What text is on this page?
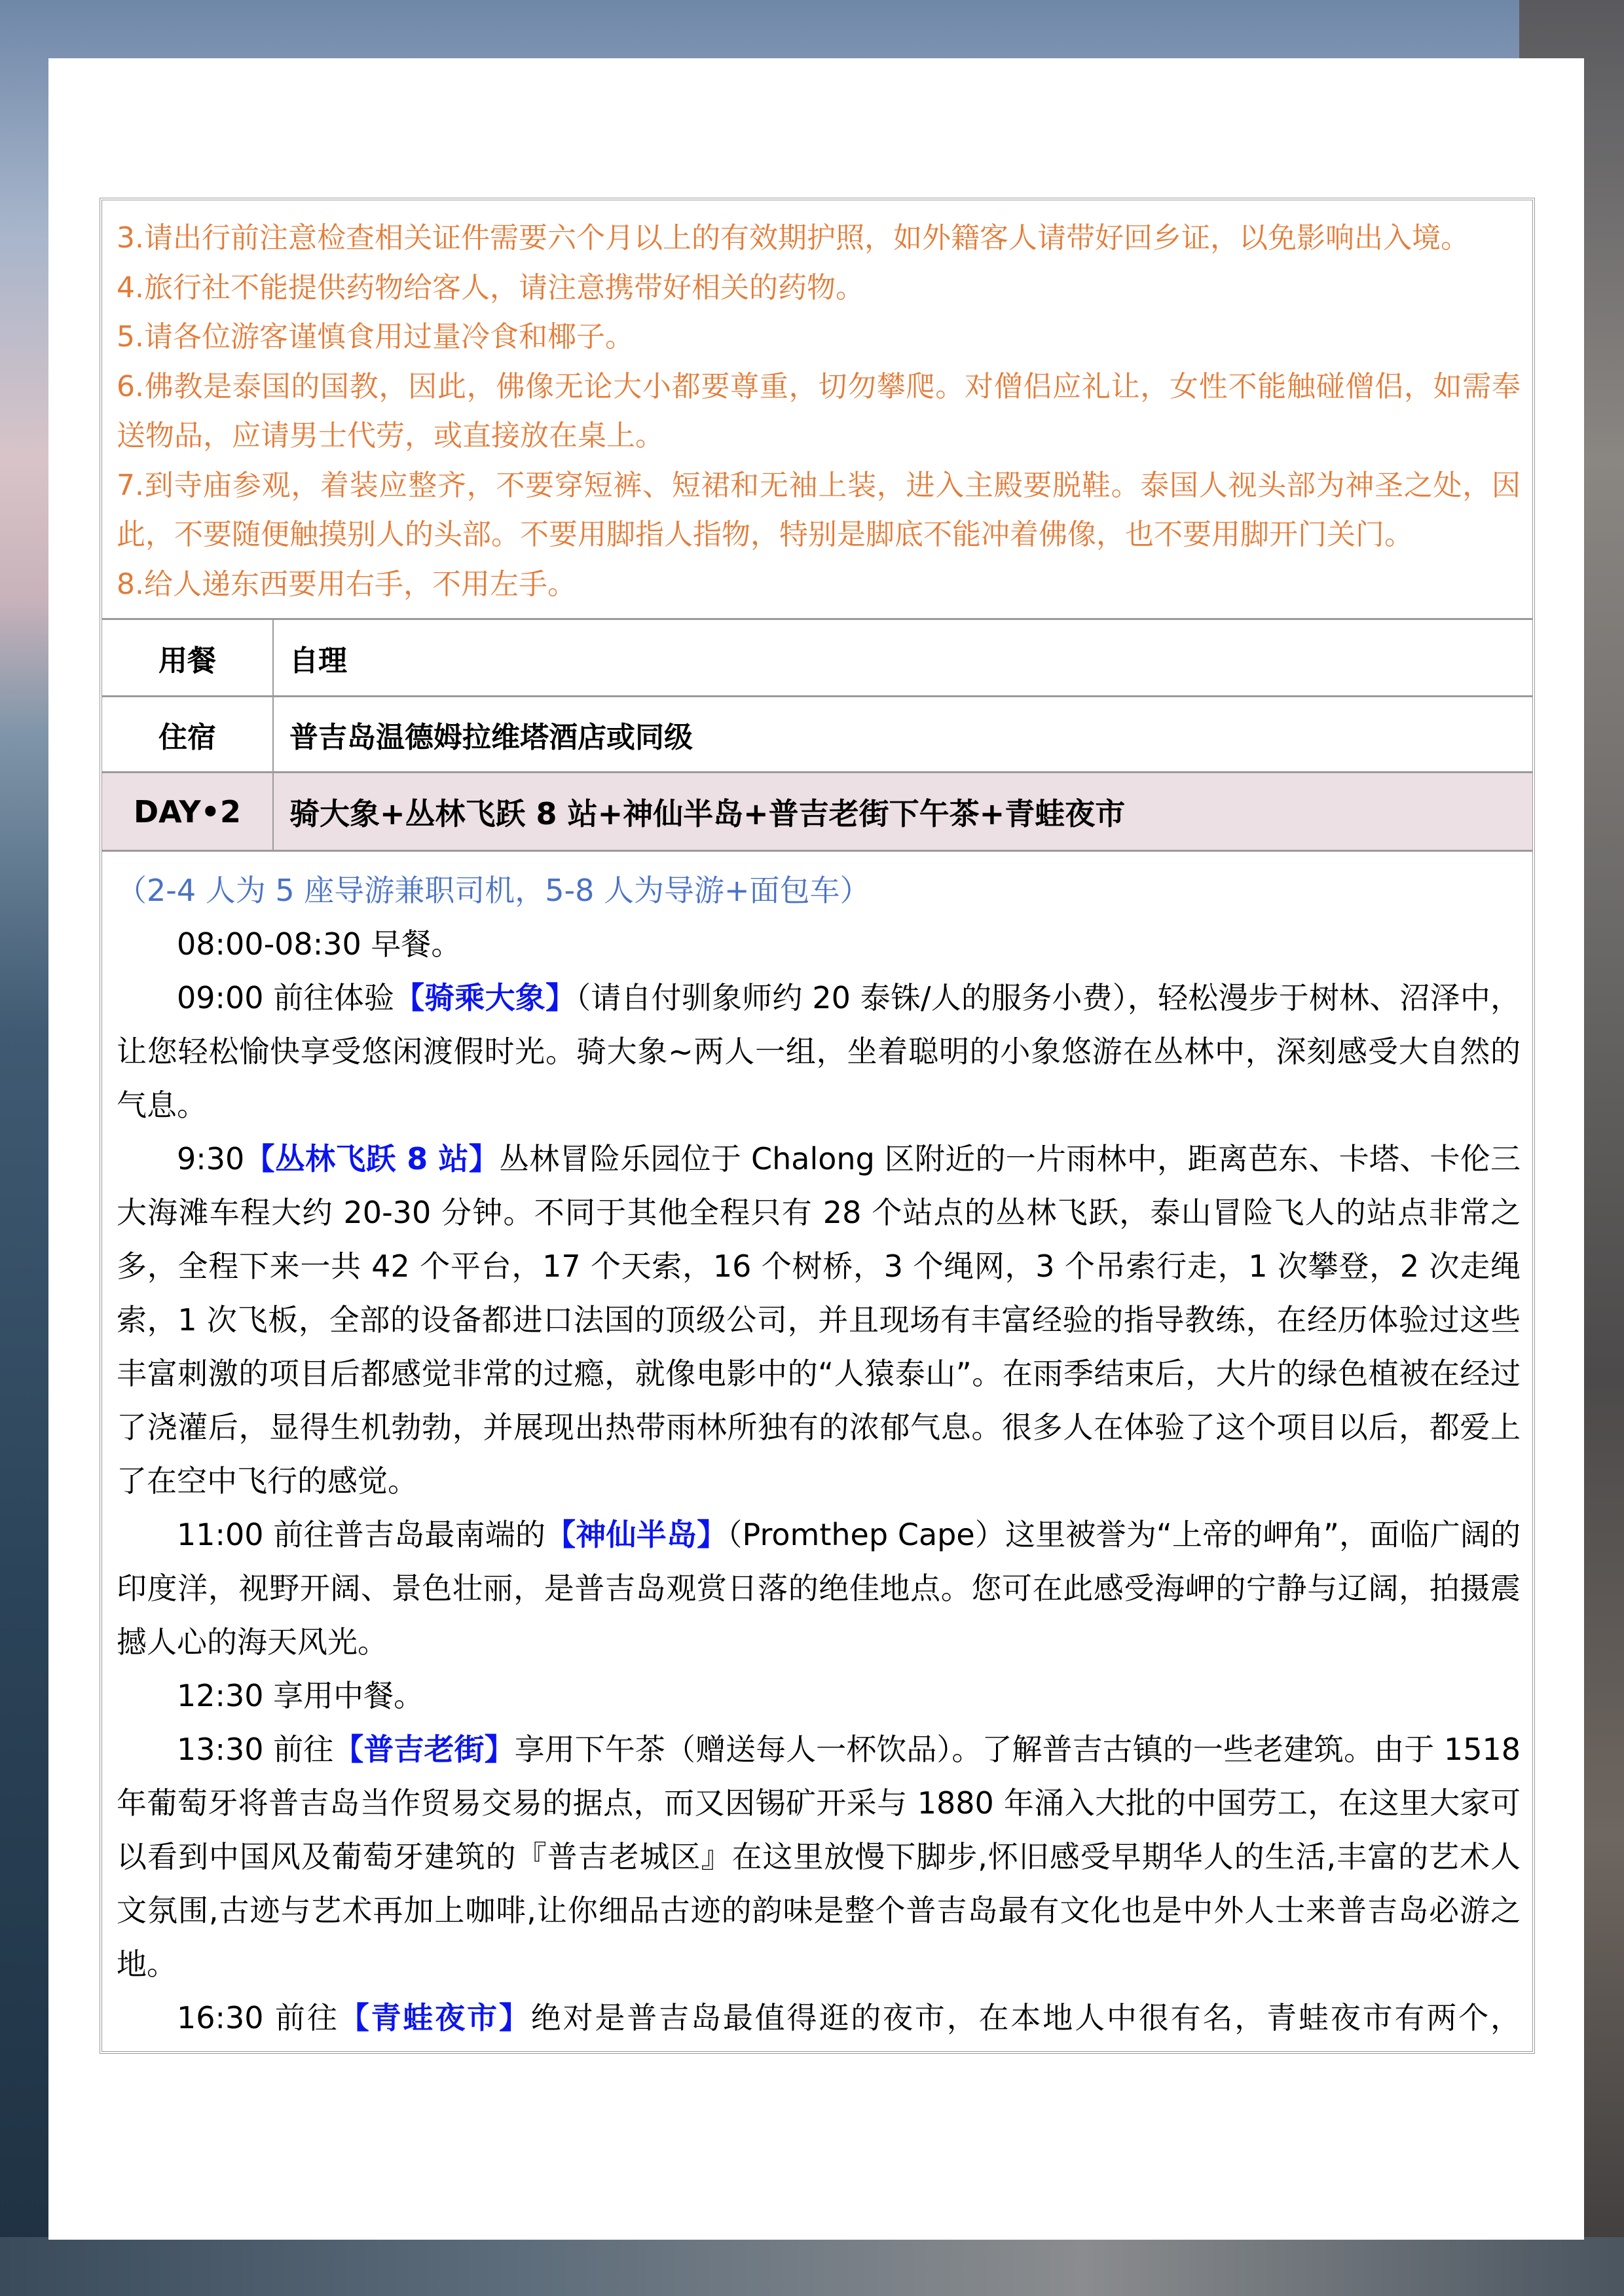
3.请出行前注意检查相关证件需要六个月以上的有效期护照，如外籍客人请带好回乡证，以免影响出入境。
4.旅行社不能提供药物给客人，请注意携带好相关的药物。
5.请各位游客谨慎食用过量冷食和椰子。
6.佛教是泰国的国教，因此，佛像无论大小都要尊重，切勿攀爬。对僧侣应礼让，女性不能触碰僧侣，如需奉送物品，应请男士代劳，或直接放在桌上。
7.到寺庙参观，着装应整齐，不要穿短裤、短裙和无袖上装，进入主殿要脱鞋。泰国人视头部为神圣之处，因此，不要随便触摸别人的头部。不要用脚指人指物，特别是脚底不能冲着佛像，也不要用脚开门关门。
8.给人递东西要用右手，不用左手。
用餐	自理
住宿	普吉岛温德姆拉维塔酒店或同级
DAY•2	骑大象+丛林飞跃 8 站+神仙半岛+普吉老街下午茶+青蛙夜市
（2-4 人为 5 座导游兼职司机，5-8 人为导游+面包车）

08:00-08:30 早餐。

09:00 前往体验【骑乘大象】（请自付驯象师约 20 泰铢/人的服务小费），轻松漫步于树林、沼泽中，让您轻松愉快享受悠闲渡假时光。骑大象~两人一组，坐着聪明的小象悠游在丛林中，深刻感受大自然的气息。

9:30【丛林飞跃 8 站】丛林冒险乐园位于 Chalong 区附近的一片雨林中，距离芭东、卡塔、卡伦三大海滩车程大约 20-30 分钟。不同于其他全程只有 28 个站点的丛林飞跃，泰山冒险飞人的站点非常之多，全程下来一共 42 个平台，17 个天索，16 个树桥，3 个绳网，3 个吊索行走，1 次攀登，2 次走绳索，1 次飞板，全部的设备都进口法国的顶级公司，并且现场有丰富经验的指导教练，在经历体验过这些丰富刺激的项目后都感觉非常的过瘾，就像电影中的“人猿泰山”。在雨季结束后，大片的绿色植被在经过了浇灌后，显得生机勃勃，并展现出热带雨林所独有的浓郁气息。很多人在体验了这个项目以后，都爱上了在空中飞行的感觉。

11:00 前往普吉岛最南端的【神仙半岛】（Promthep Cape）这里被誉为“上帝的岬角”，面临广阔的印度洋，视野开阔、景色壮丽，是普吉岛观赏日落的绝佳地点。您可在此感受海岬的宁静与辽阔，拍摄震撼人心的海天风光。

12:30 享用中餐。

13:30 前往【普吉老街】享用下午茶（赠送每人一杯饮品）。了解普吉古镇的一些老建筑。由于 1518 年葡萄牙将普吉岛当作贸易交易的据点，而又因锡矿开采与 1880 年涌入大批的中国劳工，在这里大家可以看到中国风及葡萄牙建筑的『普吉老城区』在这里放慢下脚步,怀旧感受早期华人的生活,丰富的艺术人文氛围,古迹与艺术再加上咖啡,让你细品古迹的韵味是整个普吉岛最有文化也是中外人士来普吉岛必游之地。

16:30 前往【青蛙夜市】绝对是普吉岛最值得逛的夜市，在本地人中很有名，青蛙夜市有两个，
